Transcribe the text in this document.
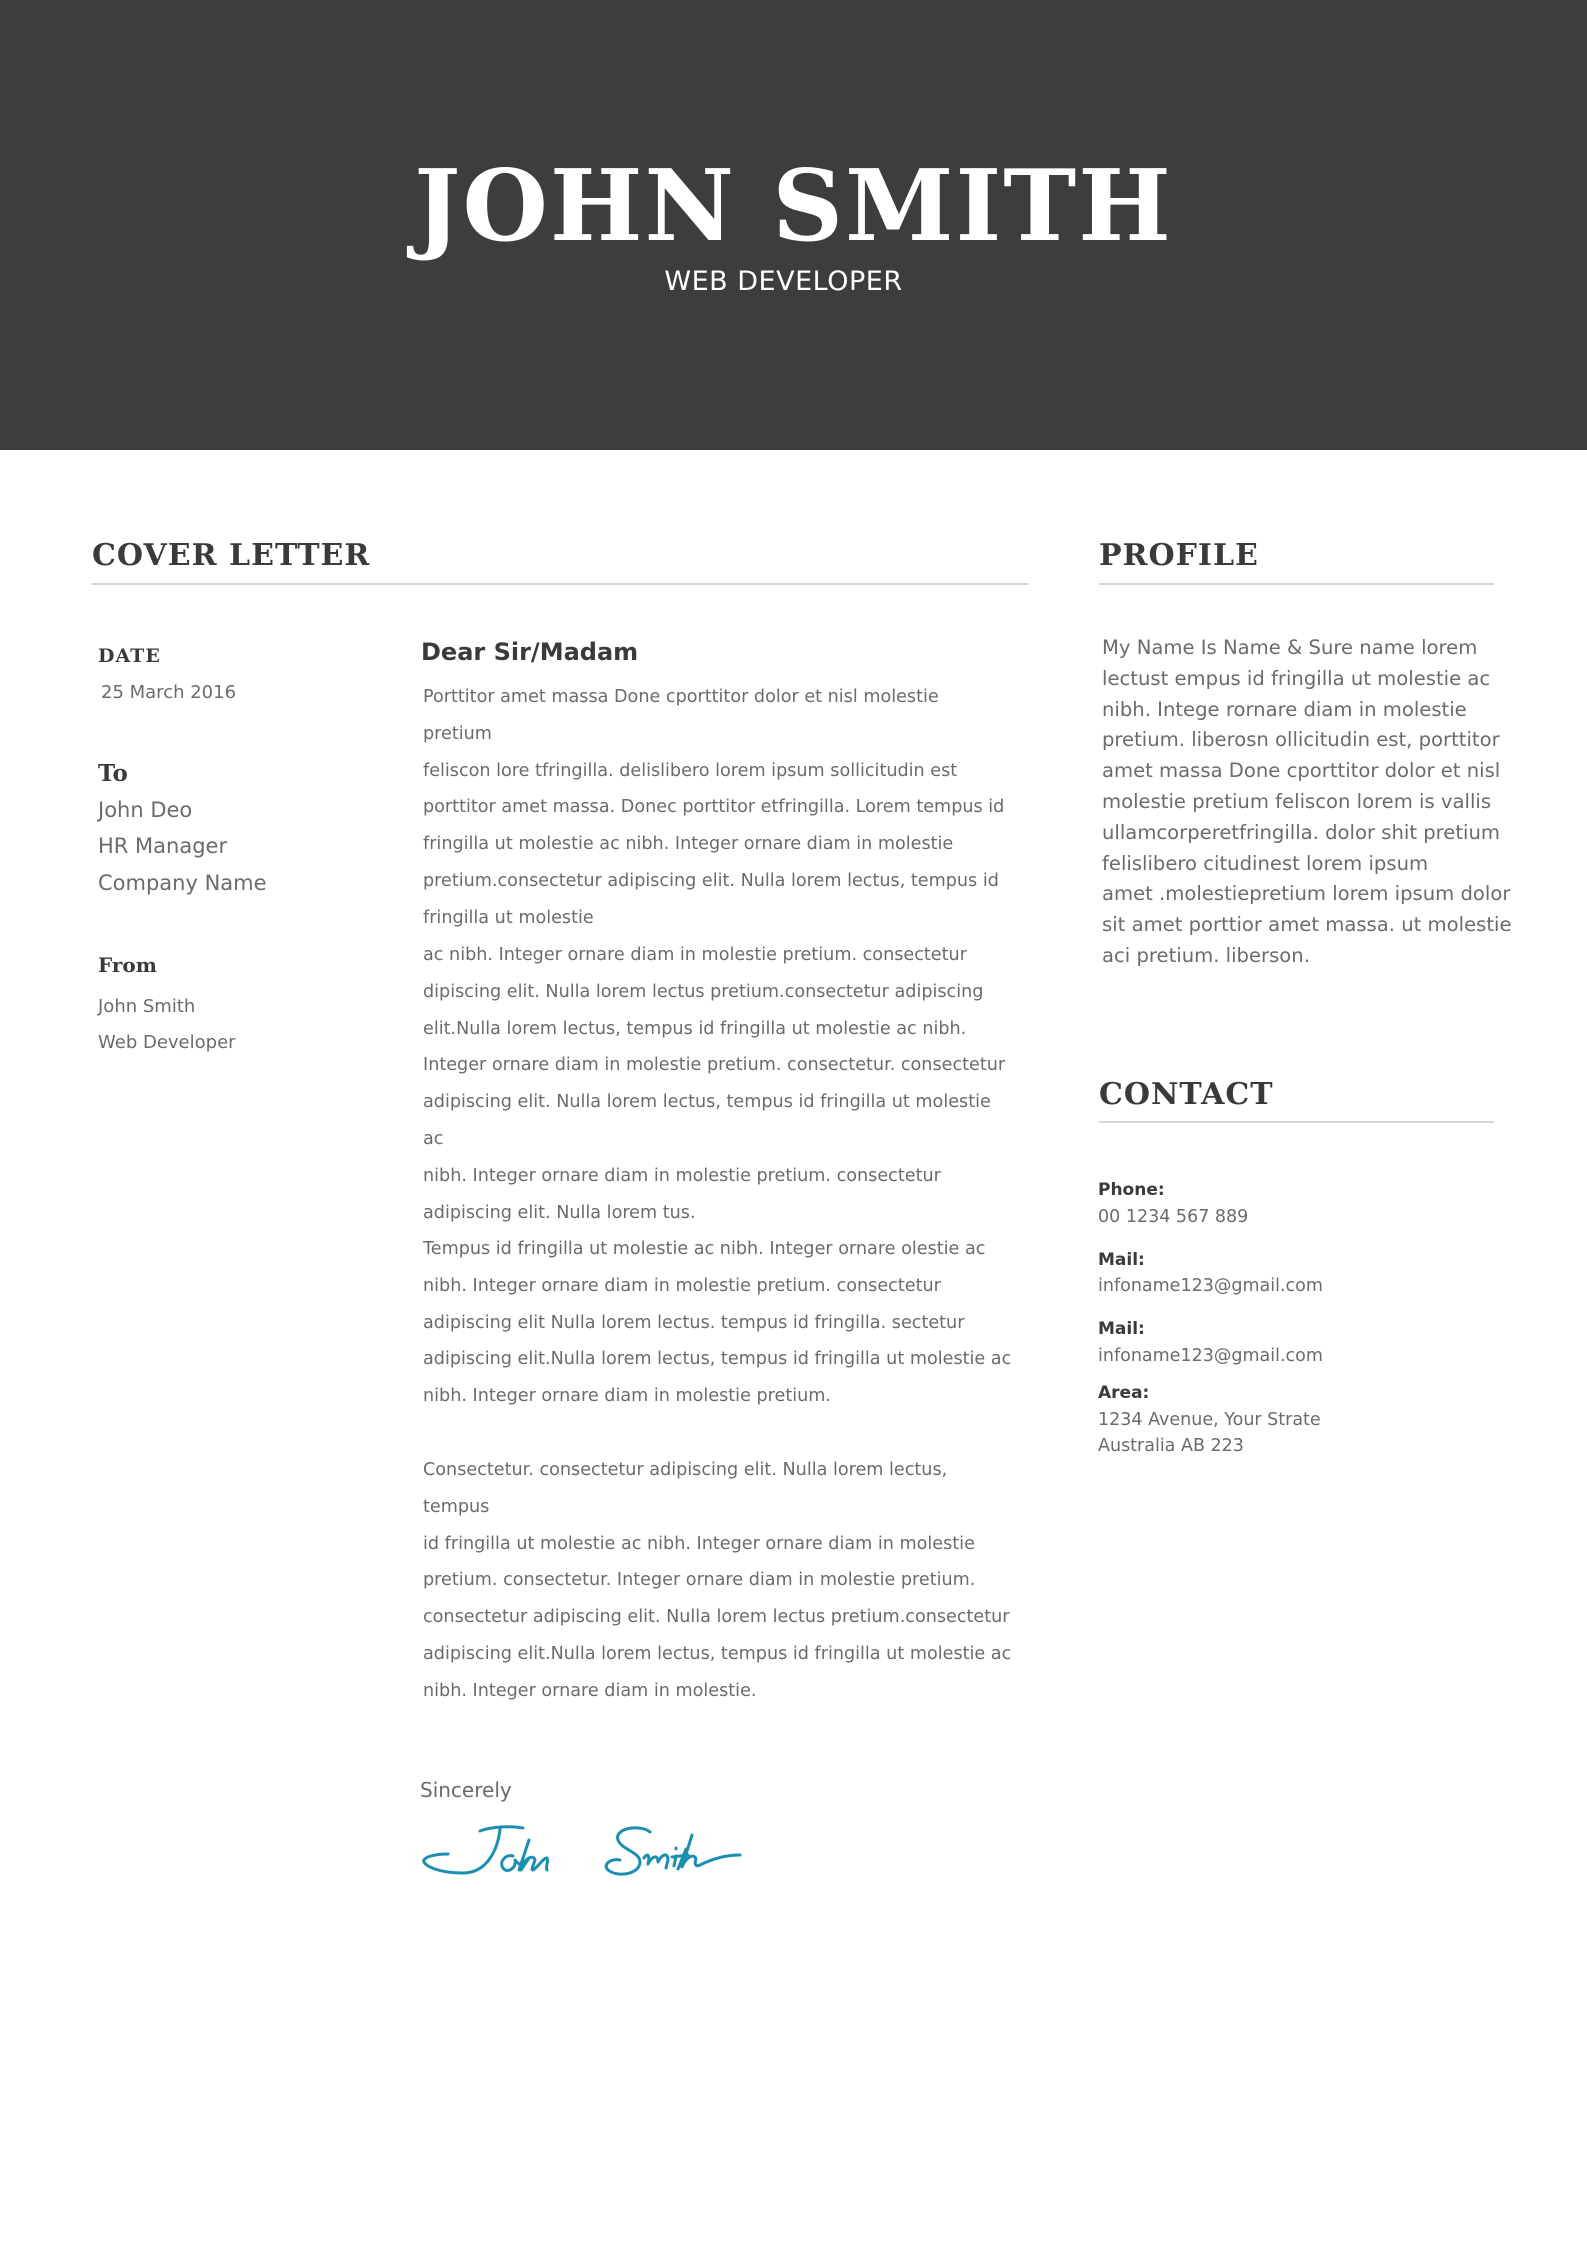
JOHN SMITH
WEB DEVELOPER
COVER LETTER
DATE
25 March 2016
To
John Deo
HR Manager
Company Name
From
John Smith
Web Developer
Dear Sir/Madam
Porttitor amet massa Done cporttitor dolor et nisl molestie pretium
feliscon lore tfringilla. delislibero lorem ipsum sollicitudin est
porttitor amet massa. Donec porttitor etfringilla. Lorem tempus id
fringilla ut molestie ac nibh. Integer ornare diam in molestie
pretium.consectetur adipiscing elit. Nulla lorem lectus, tempus id
fringilla ut molestie
ac nibh. Integer ornare diam in molestie pretium. consectetur
dipiscing elit. Nulla lorem lectus pretium.consectetur adipiscing
elit.Nulla lorem lectus, tempus id fringilla ut molestie ac nibh.
Integer ornare diam in molestie pretium. consectetur. consectetur
adipiscing elit. Nulla lorem lectus, tempus id fringilla ut molestie ac
nibh. Integer ornare diam in molestie pretium. consectetur
adipiscing elit. Nulla lorem tus.
Tempus id fringilla ut molestie ac nibh. Integer ornare olestie ac
nibh. Integer ornare diam in molestie pretium. consectetur
adipiscing elit Nulla lorem lectus. tempus id fringilla. sectetur
adipiscing elit.Nulla lorem lectus, tempus id fringilla ut molestie ac
nibh. Integer ornare diam in molestie pretium.
Consectetur. consectetur adipiscing elit. Nulla lorem lectus, tempus
id fringilla ut molestie ac nibh. Integer ornare diam in molestie
pretium. consectetur. Integer ornare diam in molestie pretium.
consectetur adipiscing elit. Nulla lorem lectus pretium.consectetur
adipiscing elit.Nulla lorem lectus, tempus id fringilla ut molestie ac
nibh. Integer ornare diam in molestie.
Sincerely
John Smith
PROFILE
My Name Is Name & Sure name lorem
lectust empus id fringilla ut molestie ac
nibh. Intege rornare diam in molestie
pretium. liberosn ollicitudin est, porttitor
amet massa Done cporttitor dolor et nisl
molestie pretium feliscon lorem is vallis
ullamcorperetfringilla. dolor shit pretium
felislibero citudinest lorem ipsum
amet .molestiepretium lorem ipsum dolor
sit amet porttior amet massa. ut molestie
aci pretium. liberson.
CONTACT
Phone:
00 1234 567 889
Mail:
infoname123@gmail.com
Mail:
infoname123@gmail.com
Area:
1234 Avenue, Your Strate
Australia AB 223
